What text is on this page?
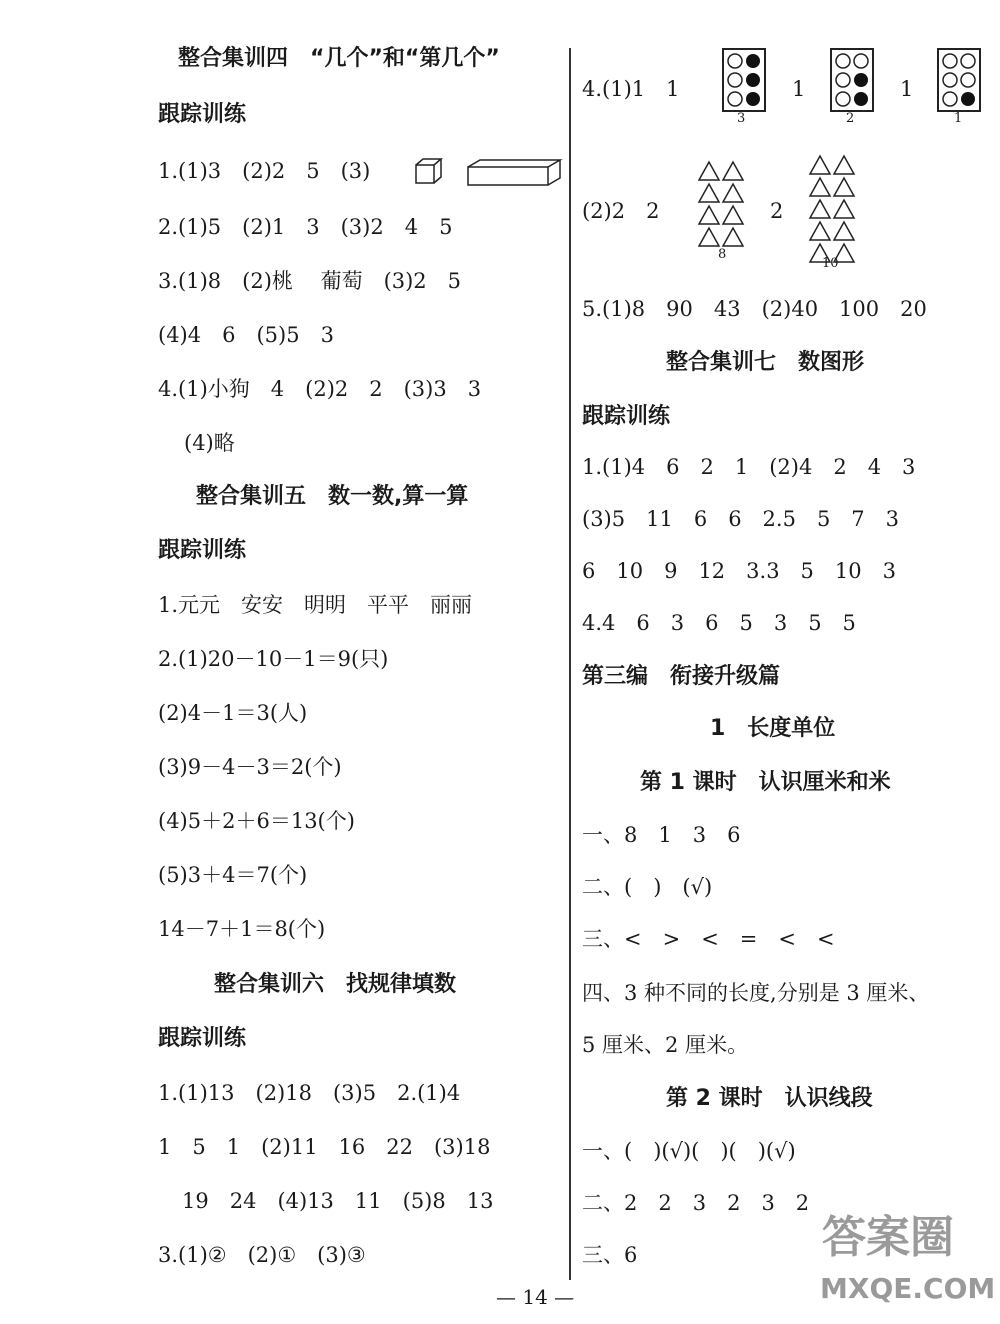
整合集训四　“几个”和“第几个”
跟踪训练
1.(1)3　(2)2　5　(3)
2.(1)5　(2)1　3　(3)2　4　5
3.(1)8　(2)桃　 葡萄　(3)2　5
(4)4　6　(5)5　3
4.(1)小狗　4　(2)2　2　(3)3　3
(4)略
整合集训五　数一数,算一算
跟踪训练
1.元元　安安　明明　平平　丽丽
2.(1)20－10－1＝9(只)
(2)4－1＝3(人)
(3)9－4－3＝2(个)
(4)5＋2＋6＝13(个)
(5)3＋4＝7(个)
14－7＋1＝8(个)
整合集训六　找规律填数
跟踪训练
1.(1)13　(2)18　(3)5　2.(1)4
1　5　1　(2)11　16　22　(3)18
19　24　(4)13　11　(5)8　13
3.(1)②　(2)①　(3)③
4.(1)1　1
3
1
2
1
1
(2)2　2
8
2
10
5.(1)8　90　43　(2)40　100　20
整合集训七　数图形
跟踪训练
1.(1)4　6　2　1　(2)4　2　4　3
(3)5　11　6　6　2.5　5　7　3
6　10　9　12　3.3　5　10　3
4.4　6　3　6　5　3　5　5
第三编　衔接升级篇
1　长度单位
第 1 课时　认识厘米和米
一、8　1　3　6
二、(　)　(√)
三、<　>　<　=　<　<
四、3 种不同的长度,分别是 3 厘米、
5 厘米、2 厘米。
第 2 课时　认识线段
一、(　)(√)(　)(　)(√)
二、2　2　3　2　3　2
三、6
— 14 —
答案圈
MXQE.COM
